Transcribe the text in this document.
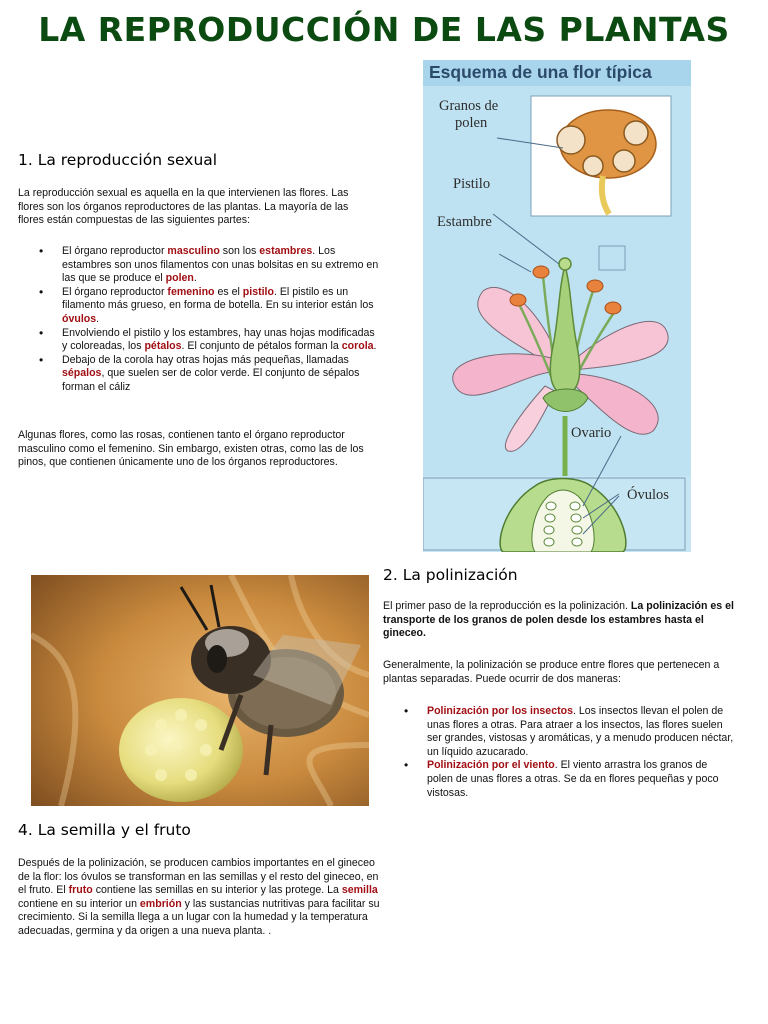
LA REPRODUCCIÓN DE LAS PLANTAS
1. La reproducción sexual

La reproducción sexual es aquella en la que intervienen las flores. Las flores son los órganos reproductores de las plantas. La mayoría de las flores están compuestas de las siguientes partes:

• El órgano reproductor masculino son los estambres. Los estambres son unos filamentos con unas bolsitas en su extremo en las que se produce el polen.
• El órgano reproductor femenino es el pistilo. El pistilo es un filamento más grueso, en forma de botella. En su interior están los óvulos.
• Envolviendo el pistilo y los estambres, hay unas hojas modificadas y coloreadas, los pétalos. El conjunto de pétalos forman la corola.
• Debajo de la corola hay otras hojas más pequeñas, llamadas sépalos, que suelen ser de color verde. El conjunto de sépalos forman el cáliz

Algunas flores, como las rosas, contienen tanto el órgano reproductor masculino como el femenino. Sin embargo, existen otras, como las de los pinos, que contienen únicamente uno de los órganos reproductores.

Esquema de una flor típica
Granos de
polen
Pistilo
Estambre
Ovario
Óvulos
2. La polinización

El primer paso de la reproducción es la polinización. La polinización es el transporte de los granos de polen desde los estambres hasta el gineceo.

Generalmente, la polinización se produce entre flores que pertenecen a plantas separadas. Puede ocurrir de dos maneras:

• Polinización por los insectos. Los insectos llevan el polen de unas flores a otras. Para atraer a los insectos, las flores suelen ser grandes, vistosas y aromáticas, y a menudo producen néctar, un líquido azucarado.
• Polinización por el viento. El viento arrastra los granos de polen de unas flores a otras. Se da en flores pequeñas y poco vistosas.
4. La semilla y el fruto

Después de la polinización, se producen cambios importantes en el gineceo de la flor: los óvulos se transforman en las semillas y el resto del gineceo, en el fruto. El fruto contiene las semillas en su interior y las protege. La semilla contiene en su interior un embrión y las sustancias nutritivas para facilitar su crecimiento. Si la semilla llega a un lugar con la humedad y la temperatura adecuadas, germina y da origen a una nueva planta. .
